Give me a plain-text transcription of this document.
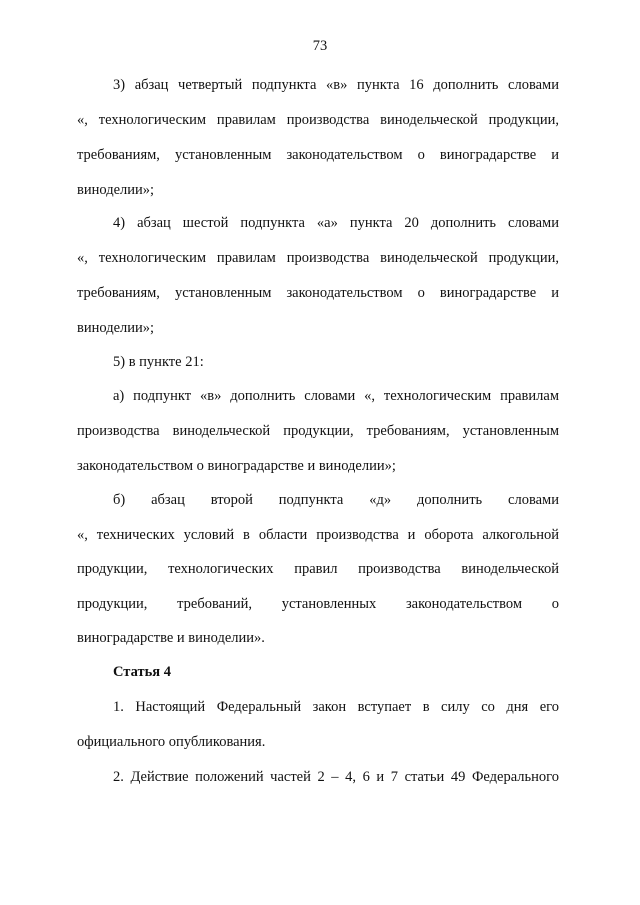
73
3) абзац четвертый подпункта «в» пункта 16 дополнить словами
«, технологическим правилам производства винодельческой продукции,
требованиям, установленным законодательством о виноградарстве и
виноделии»;
4) абзац шестой подпункта «а» пункта 20 дополнить словами
«, технологическим правилам производства винодельческой продукции,
требованиям, установленным законодательством о виноградарстве и
виноделии»;
5) в пункте 21:
а) подпункт «в» дополнить словами «, технологическим правилам
производства винодельческой продукции, требованиям, установленным
законодательством о виноградарстве и виноделии»;
б) абзац второй подпункта «д» дополнить словами
«, технических условий в области производства и оборота алкогольной
продукции, технологических правил производства винодельческой
продукции, требований, установленных законодательством о
виноградарстве и виноделии».
Статья 4
1. Настоящий Федеральный закон вступает в силу со дня его
официального опубликования.
2. Действие положений частей 2 – 4, 6 и 7 статьи 49 Федерального
